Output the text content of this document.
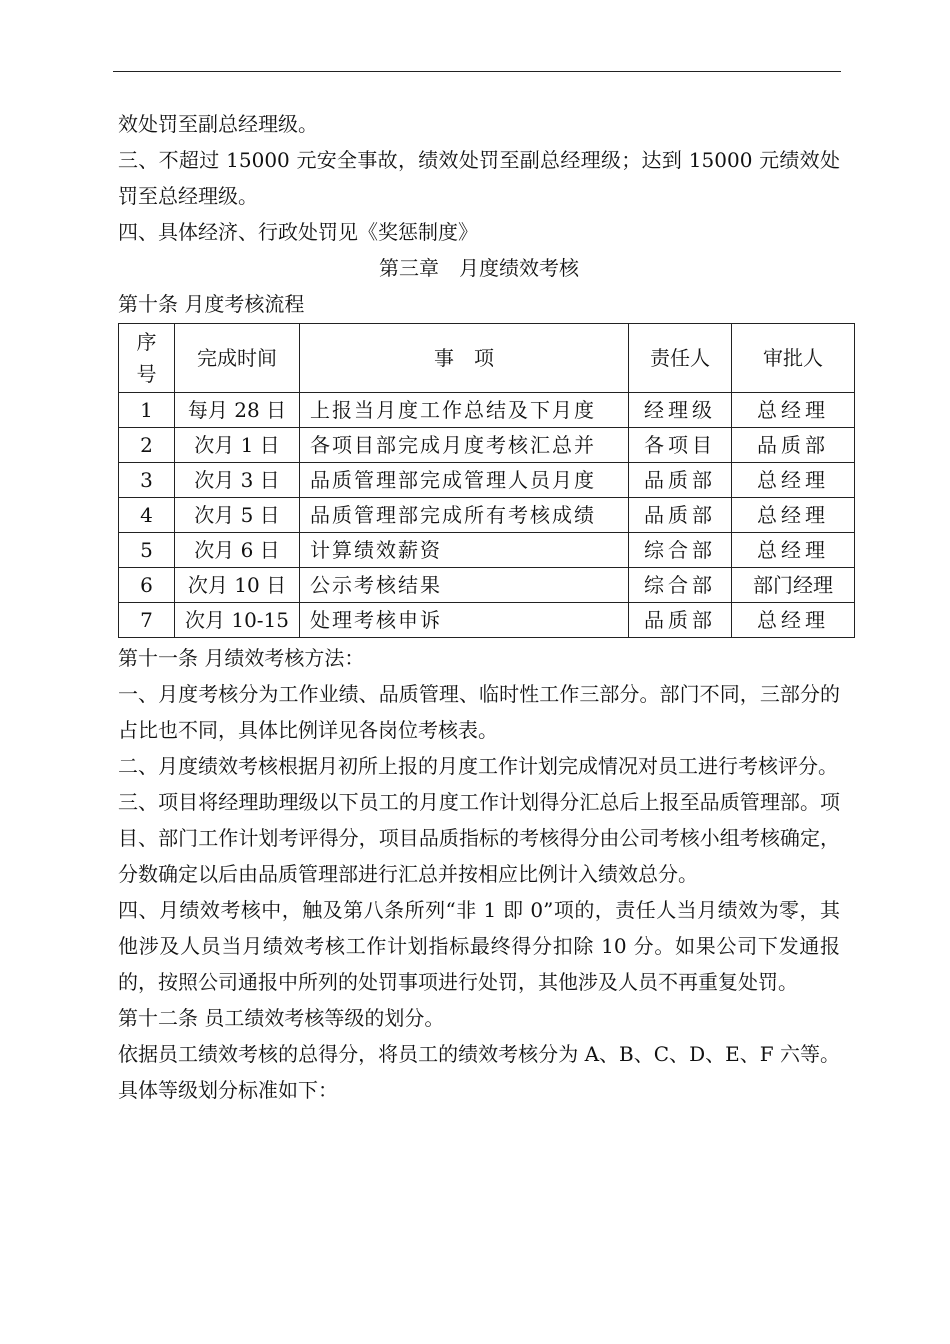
效处罚至副总经理级。

三、不超过 15000 元安全事故，绩效处罚至副总经理级；达到 15000 元绩效处罚至总经理级。

四、具体经济、行政处罚见《奖惩制度》

第三章　月度绩效考核

第十条 月度考核流程

序号	完成时间	事　项	责任人	审批人
1	每月 28 日	上报当月度工作总结及下月度	经理级	总经理
2	次月 1 日	各项目部完成月度考核汇总并	各项目	品质部
3	次月 3 日	品质管理部完成管理人员月度	品质部	总经理
4	次月 5 日	品质管理部完成所有考核成绩	品质部	总经理
5	次月 6 日	计算绩效薪资	综合部	总经理
6	次月 10 日	公示考核结果	综合部	部门经理
7	次月 10-15	处理考核申诉	品质部	总经理

第十一条 月绩效考核方法：

一、月度考核分为工作业绩、品质管理、临时性工作三部分。部门不同，三部分的占比也不同，具体比例详见各岗位考核表。

二、月度绩效考核根据月初所上报的月度工作计划完成情况对员工进行考核评分。

三、项目将经理助理级以下员工的月度工作计划得分汇总后上报至品质管理部。项目、部门工作计划考评得分，项目品质指标的考核得分由公司考核小组考核确定，分数确定以后由品质管理部进行汇总并按相应比例计入绩效总分。

四、月绩效考核中，触及第八条所列“非 1 即 0”项的，责任人当月绩效为零，其他涉及人员当月绩效考核工作计划指标最终得分扣除 10 分。如果公司下发通报的，按照公司通报中所列的处罚事项进行处罚，其他涉及人员不再重复处罚。

第十二条 员工绩效考核等级的划分。

依据员工绩效考核的总得分，将员工的绩效考核分为 A、B、C、D、E、F 六等。具体等级划分标准如下：
